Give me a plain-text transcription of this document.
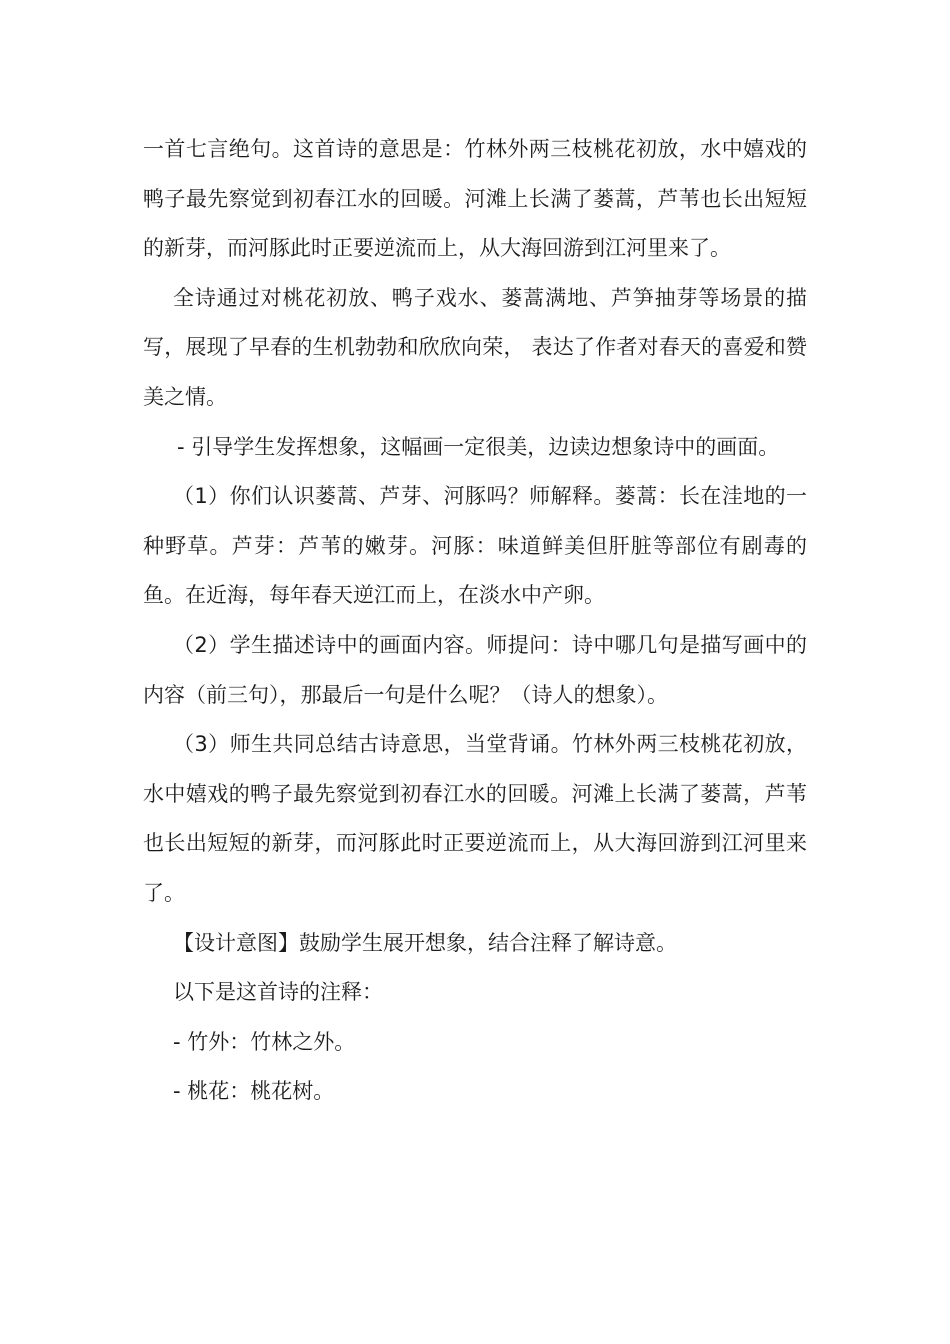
一首七言绝句。这首诗的意思是：竹林外两三枝桃花初放，水中嬉戏的鸭子最先察觉到初春江水的回暖。河滩上长满了蒌蒿，芦苇也长出短短的新芽，而河豚此时正要逆流而上，从大海回游到江河里来了。

全诗通过对桃花初放、鸭子戏水、蒌蒿满地、芦笋抽芽等场景的描写，展现了早春的生机勃勃和欣欣向荣， 表达了作者对春天的喜爱和赞美之情。

- 引导学生发挥想象，这幅画一定很美，边读边想象诗中的画面。

（1）你们认识蒌蒿、芦芽、河豚吗？师解释。蒌蒿：长在洼地的一种野草。芦芽：芦苇的嫩芽。河豚：味道鲜美但肝脏等部位有剧毒的鱼。在近海，每年春天逆江而上，在淡水中产卵。

（2）学生描述诗中的画面内容。师提问：诗中哪几句是描写画中的内容（前三句），那最后一句是什么呢？（诗人的想象）。

（3）师生共同总结古诗意思，当堂背诵。竹林外两三枝桃花初放，水中嬉戏的鸭子最先察觉到初春江水的回暖。河滩上长满了蒌蒿，芦苇也长出短短的新芽，而河豚此时正要逆流而上，从大海回游到江河里来了。

【设计意图】鼓励学生展开想象，结合注释了解诗意。

以下是这首诗的注释：

- 竹外：竹林之外。

- 桃花：桃花树。
